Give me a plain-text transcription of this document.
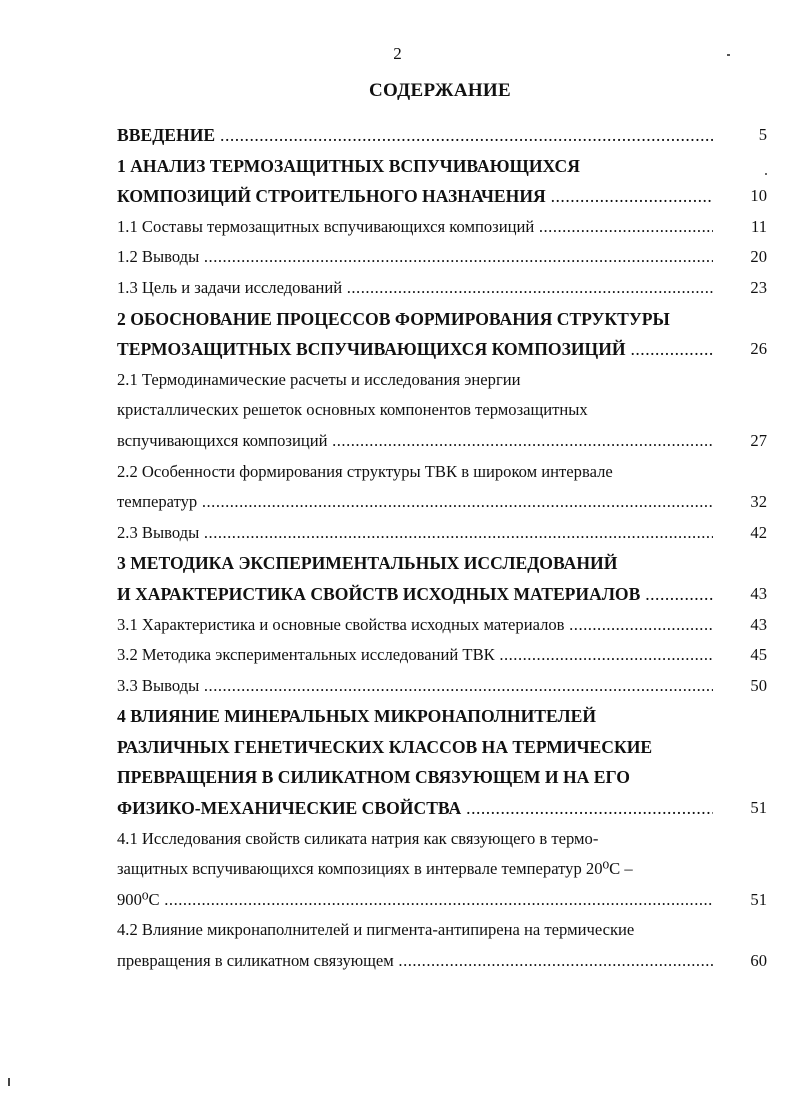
2
СОДЕРЖАНИЕ
ВВЕДЕНИЕ .....	5
1 АНАЛИЗ ТЕРМОЗАЩИТНЫХ ВСПУЧИВАЮЩИХСЯ
КОМПОЗИЦИЙ СТРОИТЕЛЬНОГО НАЗНАЧЕНИЯ .....	10
1.1 Составы термозащитных вспучивающихся композиций .....	11
1.2 Выводы .....	20
1.3 Цель и задачи исследований .....	23
2 ОБОСНОВАНИЕ ПРОЦЕССОВ ФОРМИРОВАНИЯ СТРУКТУРЫ
ТЕРМОЗАЩИТНЫХ ВСПУЧИВАЮЩИХСЯ КОМПОЗИЦИЙ .....	26
2.1 Термодинамические расчеты и исследования энергии
кристаллических решеток основных компонентов термозащитных
вспучивающихся композиций .....	27
2.2 Особенности формирования структуры ТВК в широком интервале
температур .....	32
2.3 Выводы .....	42
3 МЕТОДИКА ЭКСПЕРИМЕНТАЛЬНЫХ ИССЛЕДОВАНИЙ
И ХАРАКТЕРИСТИКА СВОЙСТВ ИСХОДНЫХ МАТЕРИАЛОВ .....	43
3.1 Характеристика и основные свойства исходных материалов .....	43
3.2 Методика экспериментальных исследований ТВК .....	45
3.3 Выводы .....	50
4 ВЛИЯНИЕ МИНЕРАЛЬНЫХ МИКРОНАПОЛНИТЕЛЕЙ
РАЗЛИЧНЫХ ГЕНЕТИЧЕСКИХ КЛАССОВ НА ТЕРМИЧЕСКИЕ
ПРЕВРАЩЕНИЯ В СИЛИКАТНОМ СВЯЗУЮЩЕМ И НА ЕГО
ФИЗИКО-МЕХАНИЧЕСКИЕ СВОЙСТВА .....	51
4.1 Исследования свойств силиката натрия как связующего в термо-
защитных вспучивающихся композициях в интервале температур 20⁰С –
900⁰С .....	51
4.2 Влияние микронаполнителей и пигмента-антипирена на термические
превращения в силикатном связующем .....	60
